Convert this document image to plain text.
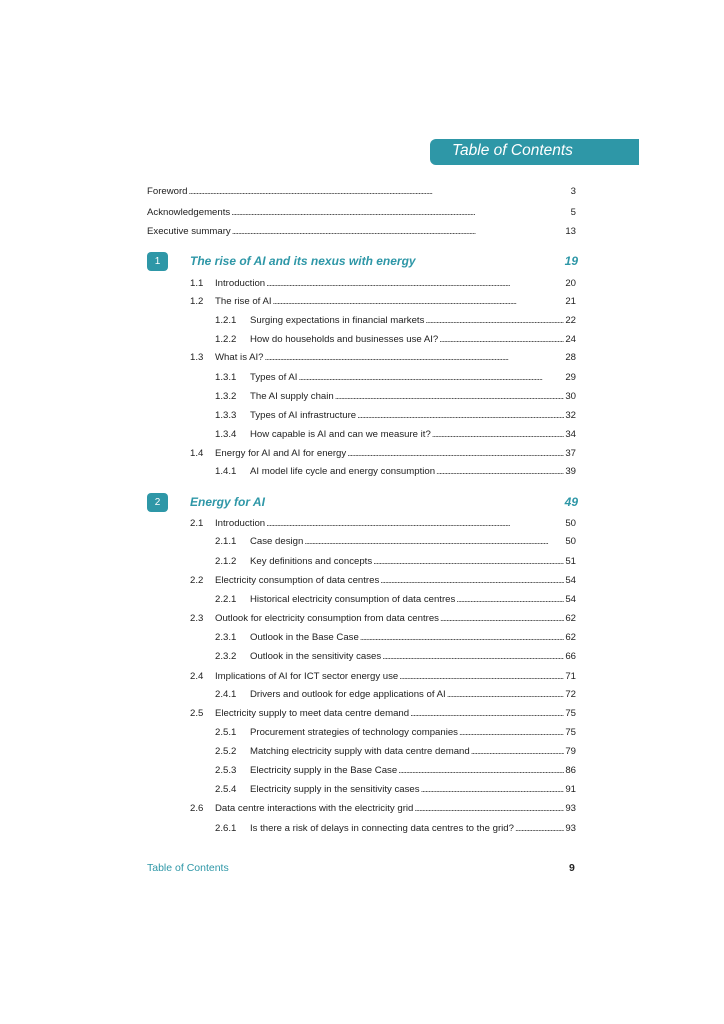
Table of Contents
Foreword . . .	3
Acknowledgements . . .	5
Executive summary . . .	13
1	The rise of AI and its nexus with energy	19
1.1	Introduction . . .	20
1.2	The rise of AI . . .	21
1.2.1	Surging expectations in financial markets . . .	22
1.2.2	How do households and businesses use AI? . . .	24
1.3	What is AI? . . .	28
1.3.1	Types of AI . . .	29
1.3.2	The AI supply chain . . .	30
1.3.3	Types of AI infrastructure . . .	32
1.3.4	How capable is AI and can we measure it? . . .	34
1.4	Energy for AI and AI for energy . . .	37
1.4.1	AI model life cycle and energy consumption . . .	39
2	Energy for AI	49
2.1	Introduction . . .	50
2.1.1	Case design . . .	50
2.1.2	Key definitions and concepts . . .	51
2.2	Electricity consumption of data centres . . .	54
2.2.1	Historical electricity consumption of data centres . . .	54
2.3	Outlook for electricity consumption from data centres . . .	62
2.3.1	Outlook in the Base Case . . .	62
2.3.2	Outlook in the sensitivity cases . . .	66
2.4	Implications of AI for ICT sector energy use . . .	71
2.4.1	Drivers and outlook for edge applications of AI . . .	72
2.5	Electricity supply to meet data centre demand . . .	75
2.5.1	Procurement strategies of technology companies . . .	75
2.5.2	Matching electricity supply with data centre demand . . .	79
2.5.3	Electricity supply in the Base Case . . .	86
2.5.4	Electricity supply in the sensitivity cases . . .	91
2.6	Data centre interactions with the electricity grid . . .	93
2.6.1	Is there a risk of delays in connecting data centres to the grid? . . .	93
Table of Contents	9
